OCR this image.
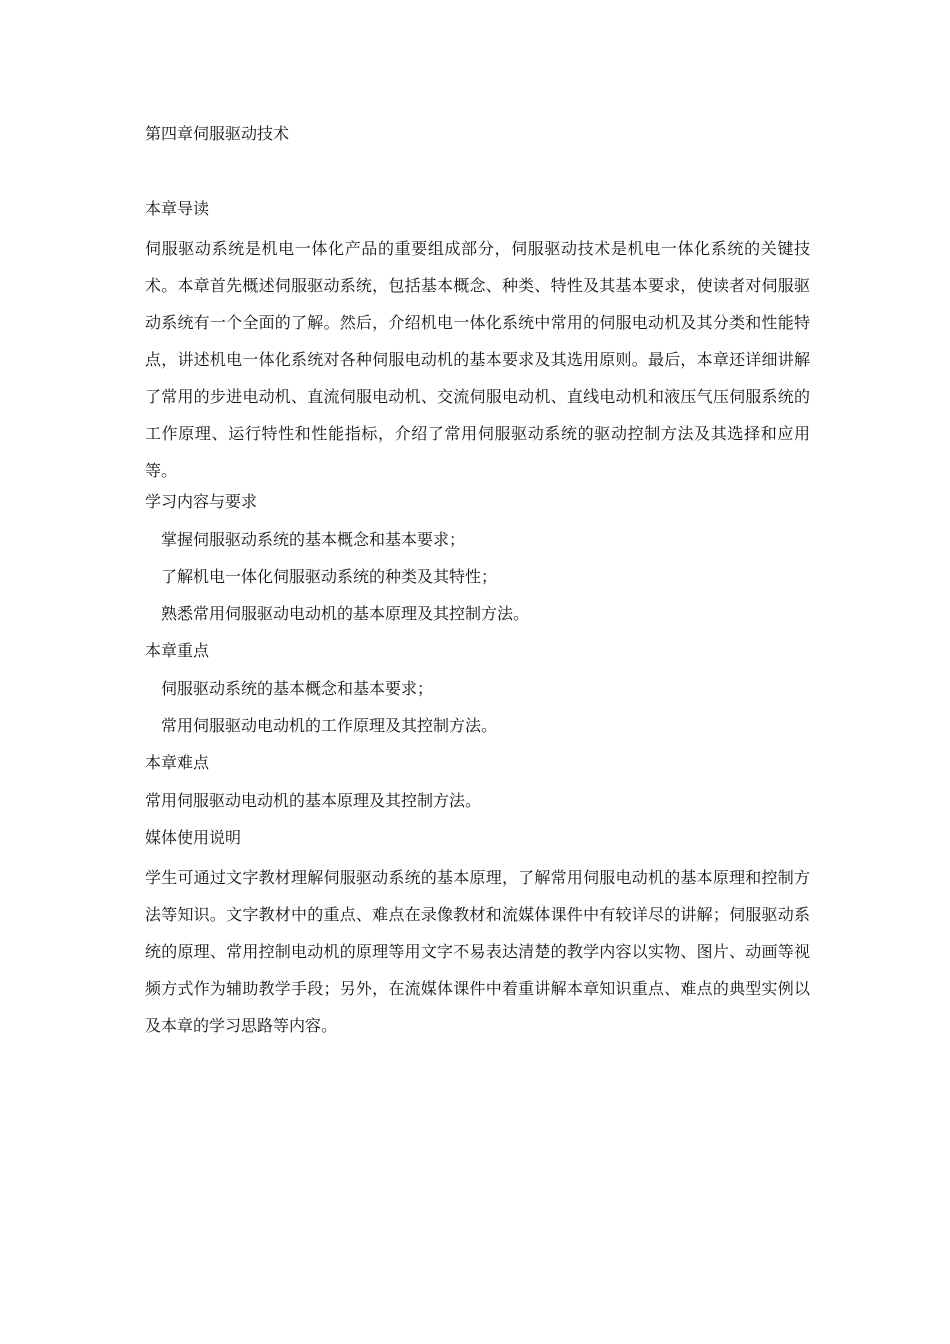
第四章伺服驱动技术
本章导读
伺服驱动系统是机电一体化产品的重要组成部分，伺服驱动技术是机电一体化系统的关键技术。本章首先概述伺服驱动系统，包括基本概念、种类、特性及其基本要求，使读者对伺服驱动系统有一个全面的了解。然后，介绍机电一体化系统中常用的伺服电动机及其分类和性能特点，讲述机电一体化系统对各种伺服电动机的基本要求及其选用原则。最后，本章还详细讲解了常用的步进电动机、直流伺服电动机、交流伺服电动机、直线电动机和液压气压伺服系统的工作原理、运行特性和性能指标，介绍了常用伺服驱动系统的驱动控制方法及其选择和应用等。
学习内容与要求
掌握伺服驱动系统的基本概念和基本要求；
了解机电一体化伺服驱动系统的种类及其特性；
熟悉常用伺服驱动电动机的基本原理及其控制方法。
本章重点
伺服驱动系统的基本概念和基本要求；
常用伺服驱动电动机的工作原理及其控制方法。
本章难点
常用伺服驱动电动机的基本原理及其控制方法。
媒体使用说明
学生可通过文字教材理解伺服驱动系统的基本原理，了解常用伺服电动机的基本原理和控制方法等知识。文字教材中的重点、难点在录像教材和流媒体课件中有较详尽的讲解；伺服驱动系统的原理、常用控制电动机的原理等用文字不易表达清楚的教学内容以实物、图片、动画等视频方式作为辅助教学手段；另外，在流媒体课件中着重讲解本章知识重点、难点的典型实例以及本章的学习思路等内容。
